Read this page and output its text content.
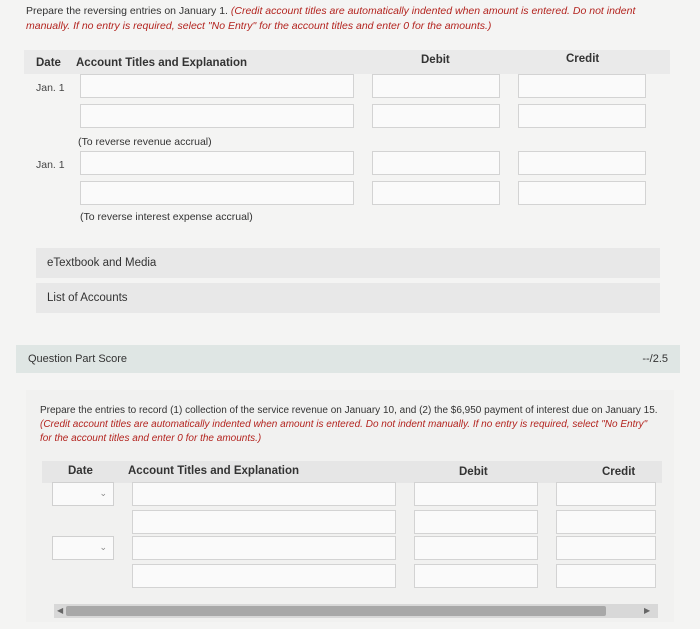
Prepare the reversing entries on January 1. (Credit account titles are automatically indented when amount is entered. Do not indent manually. If no entry is required, select "No Entry" for the account titles and enter 0 for the amounts.)
Date Account Titles and Explanation	Debit	Credit
Jan. 1
(To reverse revenue accrual)
Jan. 1
(To reverse interest expense accrual)
eTextbook and Media
List of Accounts
Question Part Score	--/2.5
Prepare the entries to record (1) collection of the service revenue on January 10, and (2) the $6,950 payment of interest due on January 15. (Credit account titles are automatically indented when amount is entered. Do not indent manually. If no entry is required, select "No Entry" for the account titles and enter 0 for the amounts.)
Date	Account Titles and Explanation	Debit	Credit
⌄
⌄
◀	▶
